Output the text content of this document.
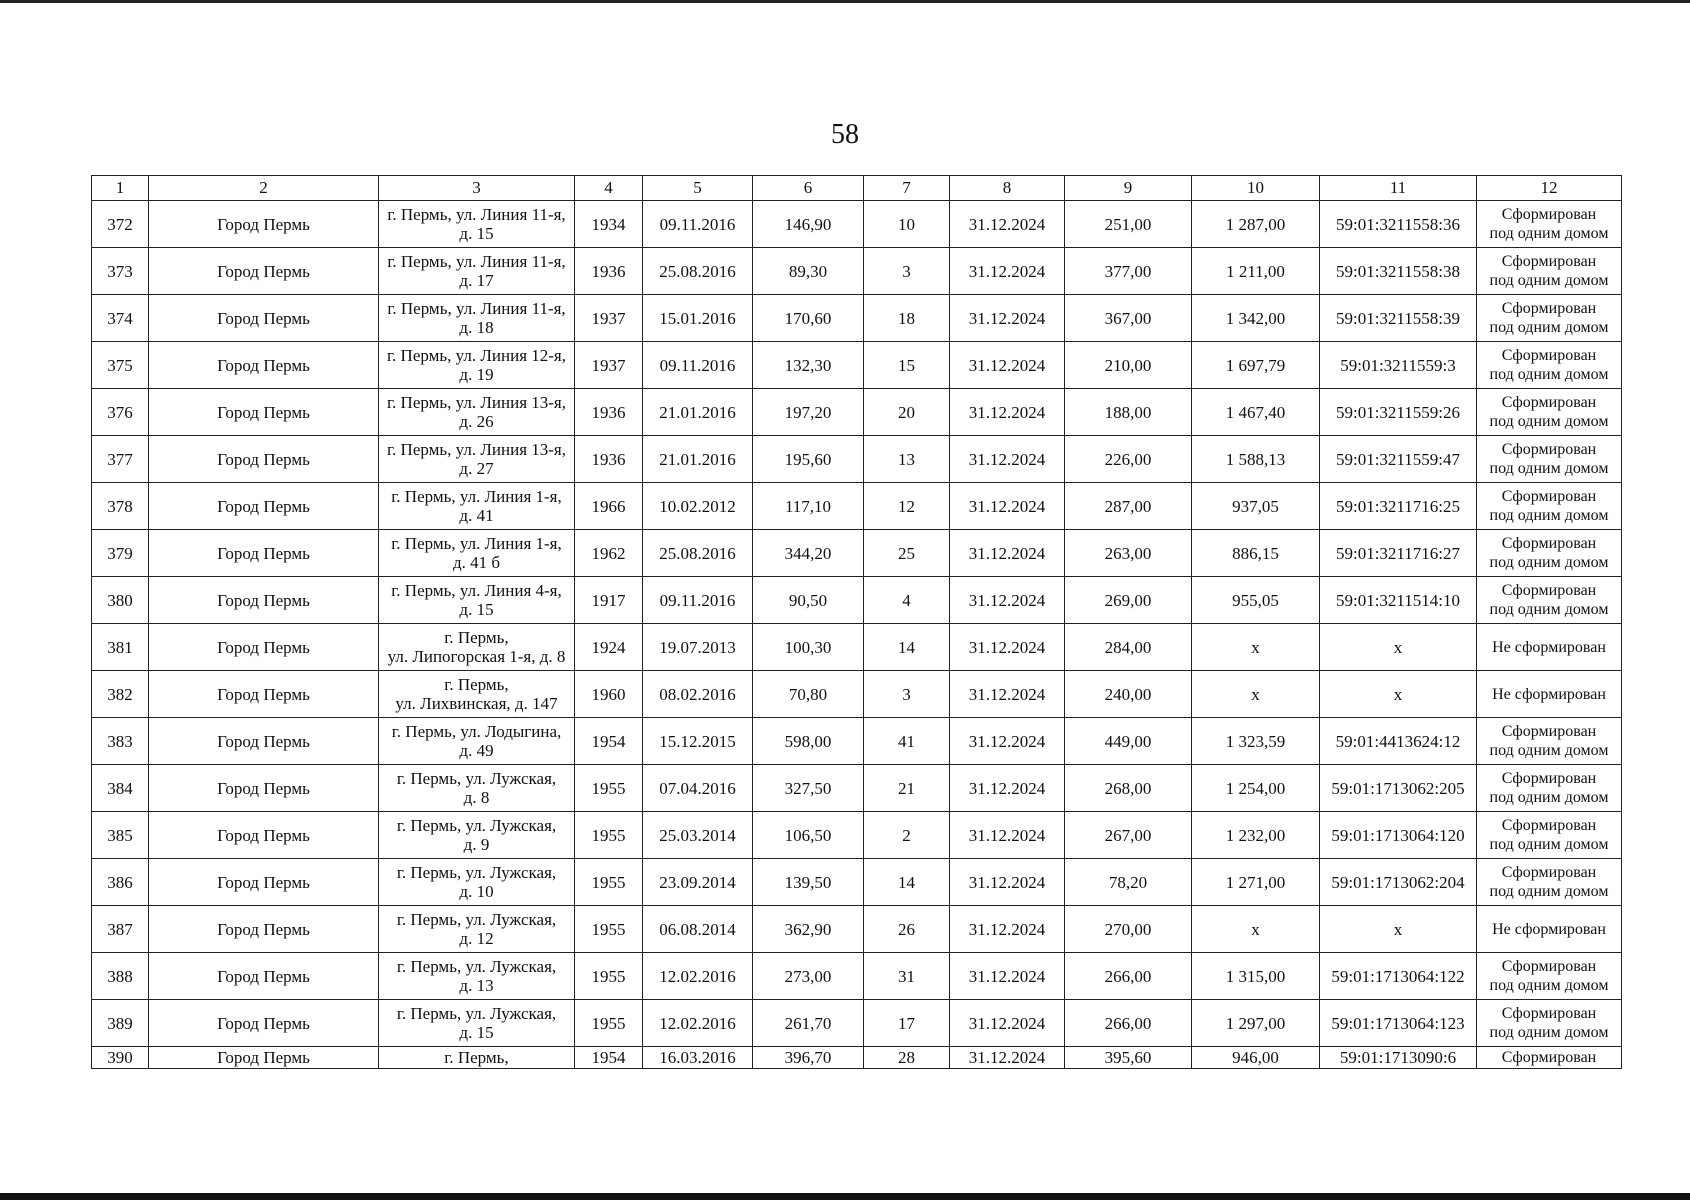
58
1	2	3	4	5	6	7	8	9	10	11	12
372	Город Пермь	г. Пермь, ул. Линия 11-я,
д. 15	1934	09.11.2016	146,90	10	31.12.2024	251,00	1 287,00	59:01:3211558:36	Сформирован
под одним домом

373	Город Пермь	г. Пермь, ул. Линия 11-я,
д. 17	1936	25.08.2016	89,30	3	31.12.2024	377,00	1 211,00	59:01:3211558:38	Сформирован
под одним домом

374	Город Пермь	г. Пермь, ул. Линия 11-я,
д. 18	1937	15.01.2016	170,60	18	31.12.2024	367,00	1 342,00	59:01:3211558:39	Сформирован
под одним домом

375	Город Пермь	г. Пермь, ул. Линия 12-я,
д. 19	1937	09.11.2016	132,30	15	31.12.2024	210,00	1 697,79	59:01:3211559:3	Сформирован
под одним домом

376	Город Пермь	г. Пермь, ул. Линия 13-я,
д. 26	1936	21.01.2016	197,20	20	31.12.2024	188,00	1 467,40	59:01:3211559:26	Сформирован
под одним домом

377	Город Пермь	г. Пермь, ул. Линия 13-я,
д. 27	1936	21.01.2016	195,60	13	31.12.2024	226,00	1 588,13	59:01:3211559:47	Сформирован
под одним домом

378	Город Пермь	г. Пермь, ул. Линия 1-я,
д. 41	1966	10.02.2012	117,10	12	31.12.2024	287,00	937,05	59:01:3211716:25	Сформирован
под одним домом

379	Город Пермь	г. Пермь, ул. Линия 1-я,
д. 41 б	1962	25.08.2016	344,20	25	31.12.2024	263,00	886,15	59:01:3211716:27	Сформирован
под одним домом

380	Город Пермь	г. Пермь, ул. Линия 4-я,
д. 15	1917	09.11.2016	90,50	4	31.12.2024	269,00	955,05	59:01:3211514:10	Сформирован
под одним домом

381	Город Пермь	г. Пермь,
ул. Липогорская 1-я, д. 8	1924	19.07.2013	100,30	14	31.12.2024	284,00	х	х	Не сформирован

382	Город Пермь	г. Пермь,
ул. Лихвинская, д. 147	1960	08.02.2016	70,80	3	31.12.2024	240,00	х	х	Не сформирован

383	Город Пермь	г. Пермь, ул. Лодыгина,
д. 49	1954	15.12.2015	598,00	41	31.12.2024	449,00	1 323,59	59:01:4413624:12	Сформирован
под одним домом

384	Город Пермь	г. Пермь, ул. Лужская,
д. 8	1955	07.04.2016	327,50	21	31.12.2024	268,00	1 254,00	59:01:1713062:205	Сформирован
под одним домом

385	Город Пермь	г. Пермь, ул. Лужская,
д. 9	1955	25.03.2014	106,50	2	31.12.2024	267,00	1 232,00	59:01:1713064:120	Сформирован
под одним домом

386	Город Пермь	г. Пермь, ул. Лужская,
д. 10	1955	23.09.2014	139,50	14	31.12.2024	78,20	1 271,00	59:01:1713062:204	Сформирован
под одним домом

387	Город Пермь	г. Пермь, ул. Лужская,
д. 12	1955	06.08.2014	362,90	26	31.12.2024	270,00	х	х	Не сформирован

388	Город Пермь	г. Пермь, ул. Лужская,
д. 13	1955	12.02.2016	273,00	31	31.12.2024	266,00	1 315,00	59:01:1713064:122	Сформирован
под одним домом

389	Город Пермь	г. Пермь, ул. Лужская,
д. 15	1955	12.02.2016	261,70	17	31.12.2024	266,00	1 297,00	59:01:1713064:123	Сформирован
под одним домом

390	Город Пермь	г. Пермь,	1954	16.03.2016	396,70	28	31.12.2024	395,60	946,00	59:01:1713090:6	Сформирован
